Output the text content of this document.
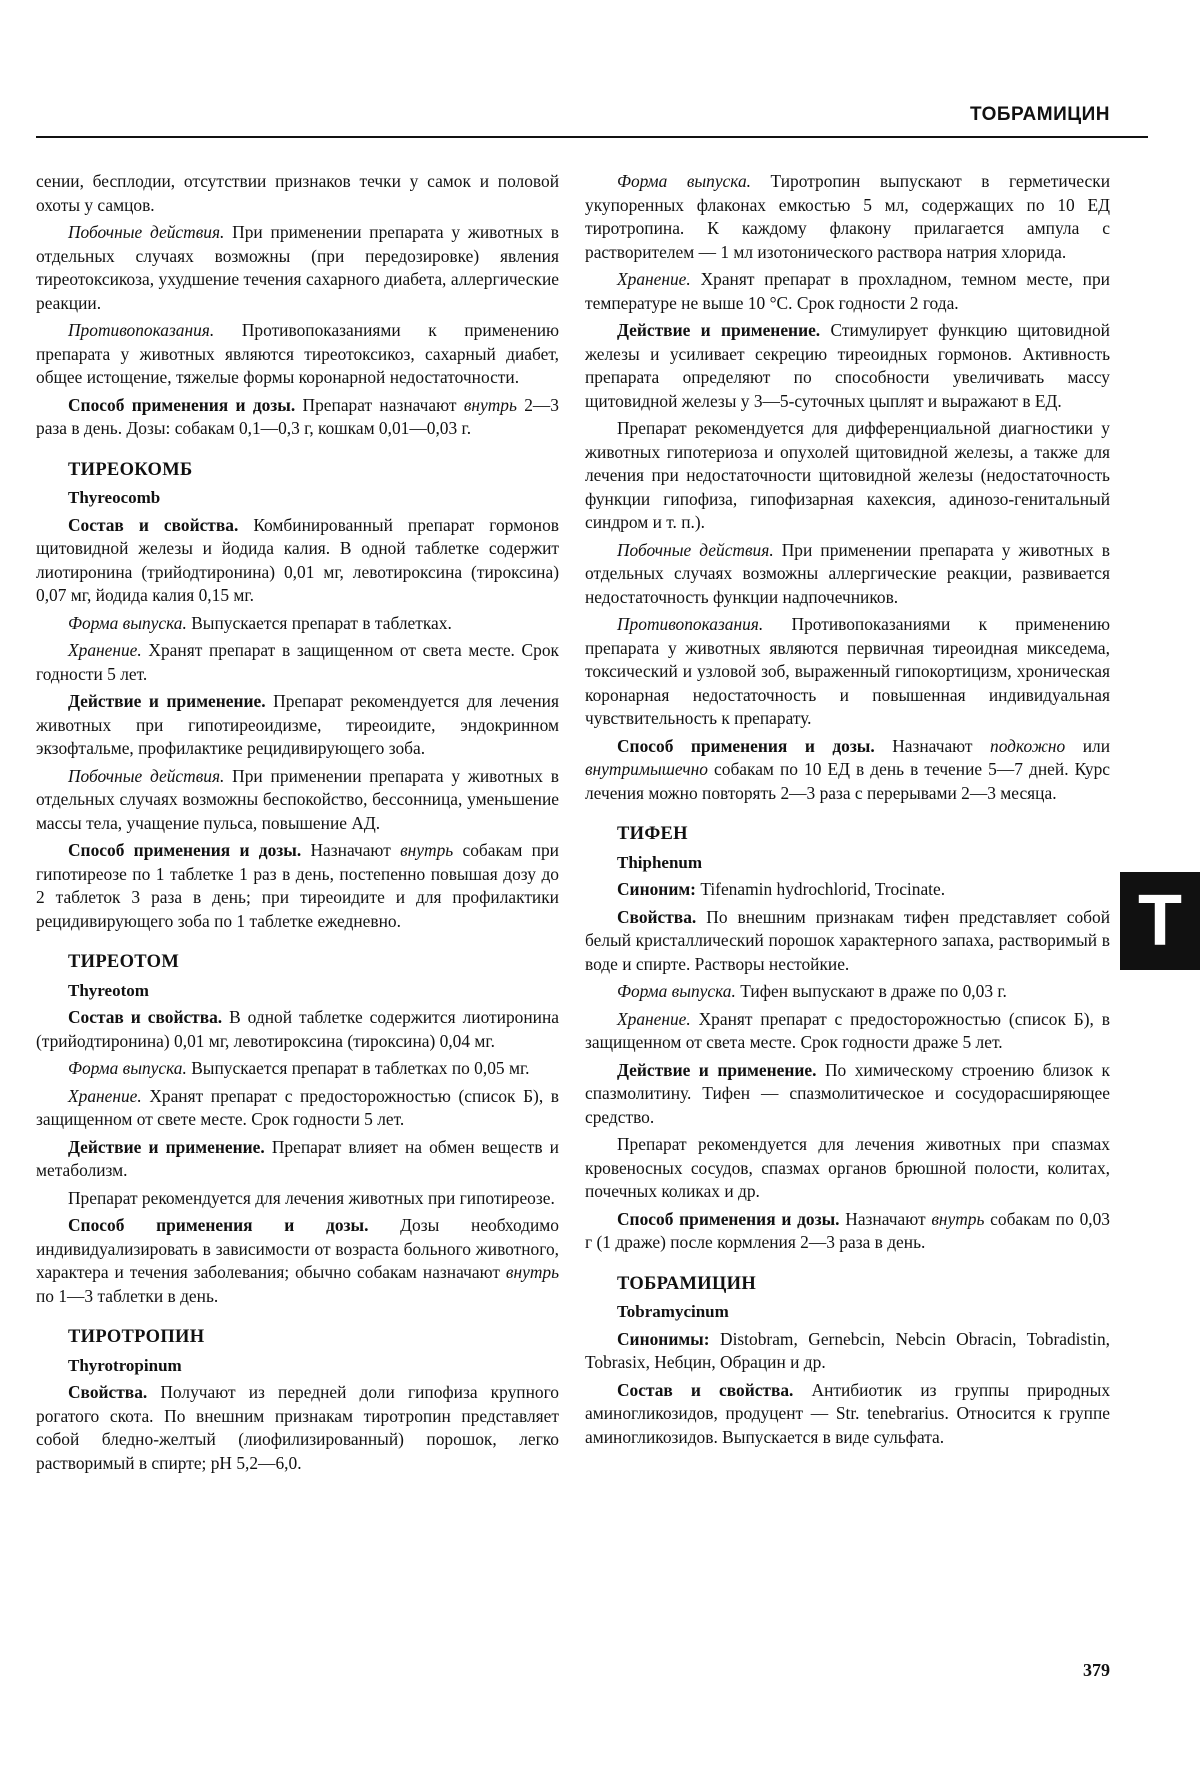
ТОБРАМИЦИН

сении, бесплодии, отсутствии признаков течки у самок и половой охоты у самцов.

Побочные действия. При применении препарата у животных в отдельных случаях возможны (при передозировке) явления тиреотоксикоза, ухудшение течения сахарного диабета, аллергические реакции.

Противопоказания. Противопоказаниями к применению препарата у животных являются тиреотоксикоз, сахарный диабет, общее истощение, тяжелые формы коронарной недостаточности.

Способ применения и дозы. Препарат назначают внутрь 2—3 раза в день. Дозы: собакам 0,1—0,3 г, кошкам 0,01—0,03 г.

ТИРЕОКОМБ

Thyreocomb

Состав и свойства. Комбинированный препарат гормонов щитовидной железы и йодида калия. В одной таблетке содержит лиотиронина (трийодтиронина) 0,01 мг, левотироксина (тироксина) 0,07 мг, йодида калия 0,15 мг.

Форма выпуска. Выпускается препарат в таблетках.

Хранение. Хранят препарат в защищенном от света месте. Срок годности 5 лет.

Действие и применение. Препарат рекомендуется для лечения животных при гипотиреоидизме, тиреоидите, эндокринном экзофтальме, профилактике рецидивирующего зоба.

Побочные действия. При применении препарата у животных в отдельных случаях возможны беспокойство, бессонница, уменьшение массы тела, учащение пульса, повышение АД.

Способ применения и дозы. Назначают внутрь собакам при гипотиреозе по 1 таблетке 1 раз в день, постепенно повышая дозу до 2 таблеток 3 раза в день; при тиреоидите и для профилактики рецидивирующего зоба по 1 таблетке ежедневно.

ТИРЕОТОМ

Thyreotom

Состав и свойства. В одной таблетке содержится лиотиронина (трийодтиронина) 0,01 мг, левотироксина (тироксина) 0,04 мг.

Форма выпуска. Выпускается препарат в таблетках по 0,05 мг.

Хранение. Хранят препарат с предосторожностью (список Б), в защищенном от свете месте. Срок годности 5 лет.

Действие и применение. Препарат влияет на обмен веществ и метаболизм.

Препарат рекомендуется для лечения животных при гипотиреозе.

Способ применения и дозы. Дозы необходимо индивидуализировать в зависимости от возраста больного животного, характера и течения заболевания; обычно собакам назначают внутрь по 1—3 таблетки в день.

ТИРОТРОПИН

Thyrotropinum

Свойства. Получают из передней доли гипофиза крупного рогатого скота. По внешним признакам тиротропин представляет собой бледно-желтый (лиофилизированный) порошок, легко растворимый в спирте; pH 5,2—6,0.

Форма выпуска. Тиротропин выпускают в герметически укупоренных флаконах емкостью 5 мл, содержащих по 10 ЕД тиротропина. К каждому флакону прилагается ампула с растворителем — 1 мл изотонического раствора натрия хлорида.

Хранение. Хранят препарат в прохладном, темном месте, при температуре не выше 10 °С. Срок годности 2 года.

Действие и применение. Стимулирует функцию щитовидной железы и усиливает секрецию тиреоидных гормонов. Активность препарата определяют по способности увеличивать массу щитовидной железы у 3—5-суточных цыплят и выражают в ЕД.

Препарат рекомендуется для дифференциальной диагностики у животных гипотериоза и опухолей щитовидной железы, а также для лечения при недостаточности щитовидной железы (недостаточность функции гипофиза, гипофизарная кахексия, адинозо-генитальный синдром и т. п.).

Побочные действия. При применении препарата у животных в отдельных случаях возможны аллергические реакции, развивается недостаточность функции надпочечников.

Противопоказания. Противопоказаниями к применению препарата у животных являются первичная тиреоидная микседема, токсический и узловой зоб, выраженный гипокортицизм, хроническая коронарная недостаточность и повышенная индивидуальная чувствительность к препарату.

Способ применения и дозы. Назначают подкожно или внутримышечно собакам по 10 ЕД в день в течение 5—7 дней. Курс лечения можно повторять 2—3 раза с перерывами 2—3 месяца.

ТИФЕН

Thiphenum

Синоним: Tifenamin hydrochlorid, Trocinate.

Свойства. По внешним признакам тифен представляет собой белый кристаллический порошок характерного запаха, растворимый в воде и спирте. Растворы нестойкие.

Форма выпуска. Тифен выпускают в драже по 0,03 г.

Хранение. Хранят препарат с предосторожностью (список Б), в защищенном от света месте. Срок годности драже 5 лет.

Действие и применение. По химическому строению близок к спазмолитину. Тифен — спазмолитическое и сосудорасширяющее средство.

Препарат рекомендуется для лечения животных при спазмах кровеносных сосудов, спазмах органов брюшной полости, колитах, почечных коликах и др.

Способ применения и дозы. Назначают внутрь собакам по 0,03 г (1 драже) после кормления 2—3 раза в день.

ТОБРАМИЦИН

Tobramycinum

Синонимы: Distobram, Gernebcin, Nebcin Obracin, Tobradistin, Tobrasix, Небцин, Обрацин и др.

Состав и свойства. Антибиотик из группы природных аминогликозидов, продуцент — Str. tenebrarius. Относится к группе аминогликозидов. Выпускается в виде сульфата.

T
379
